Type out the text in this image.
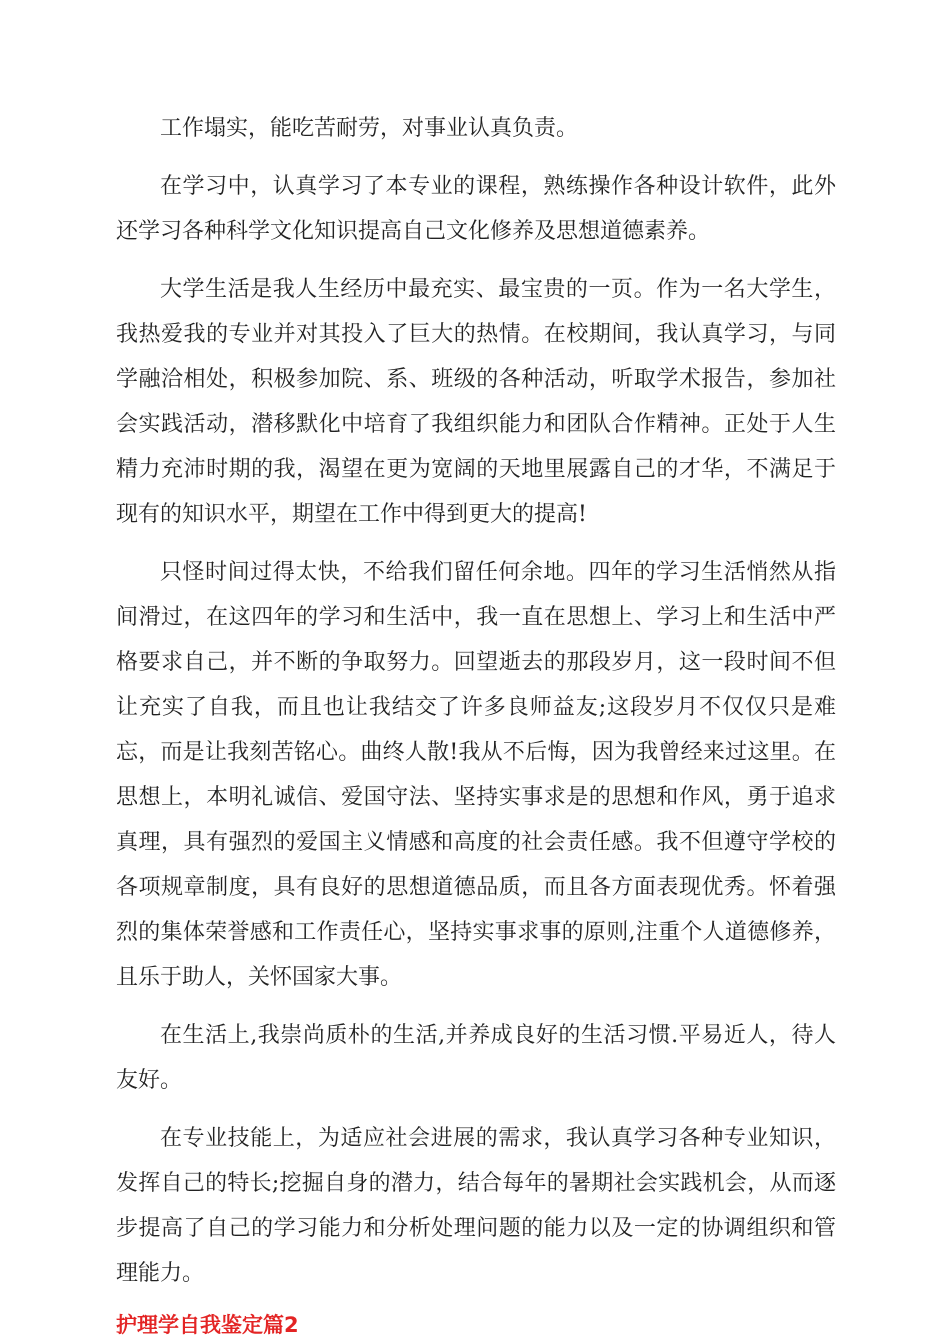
工作塌实，能吃苦耐劳，对事业认真负责。

在学习中，认真学习了本专业的课程，熟练操作各种设计软件，此外还学习各种科学文化知识提高自己文化修养及思想道德素养。

大学生活是我人生经历中最充实、最宝贵的一页。作为一名大学生，我热爱我的专业并对其投入了巨大的热情。在校期间，我认真学习，与同学融洽相处，积极参加院、系、班级的各种活动，听取学术报告，参加社会实践活动，潜移默化中培育了我组织能力和团队合作精神。正处于人生精力充沛时期的我，渴望在更为宽阔的天地里展露自己的才华，不满足于现有的知识水平，期望在工作中得到更大的提高!

只怪时间过得太快，不给我们留任何余地。四年的学习生活悄然从指间滑过，在这四年的学习和生活中，我一直在思想上、学习上和生活中严格要求自己，并不断的争取努力。回望逝去的那段岁月，这一段时间不但让充实了自我，而且也让我结交了许多良师益友;这段岁月不仅仅只是难忘，而是让我刻苦铭心。曲终人散!我从不后悔，因为我曾经来过这里。在思想上，本明礼诚信、爱国守法、坚持实事求是的思想和作风，勇于追求真理，具有强烈的爱国主义情感和高度的社会责任感。我不但遵守学校的各项规章制度，具有良好的思想道德品质，而且各方面表现优秀。怀着强烈的集体荣誉感和工作责任心，坚持实事求事的原则,注重个人道德修养，且乐于助人，关怀国家大事。

在生活上,我崇尚质朴的生活,并养成良好的生活习惯.平易近人，待人友好。

在专业技能上，为适应社会进展的需求，我认真学习各种专业知识，发挥自己的特长;挖掘自身的潜力，结合每年的暑期社会实践机会，从而逐步提高了自己的学习能力和分析处理问题的能力以及一定的协调组织和管理能力。

护理学自我鉴定篇2
